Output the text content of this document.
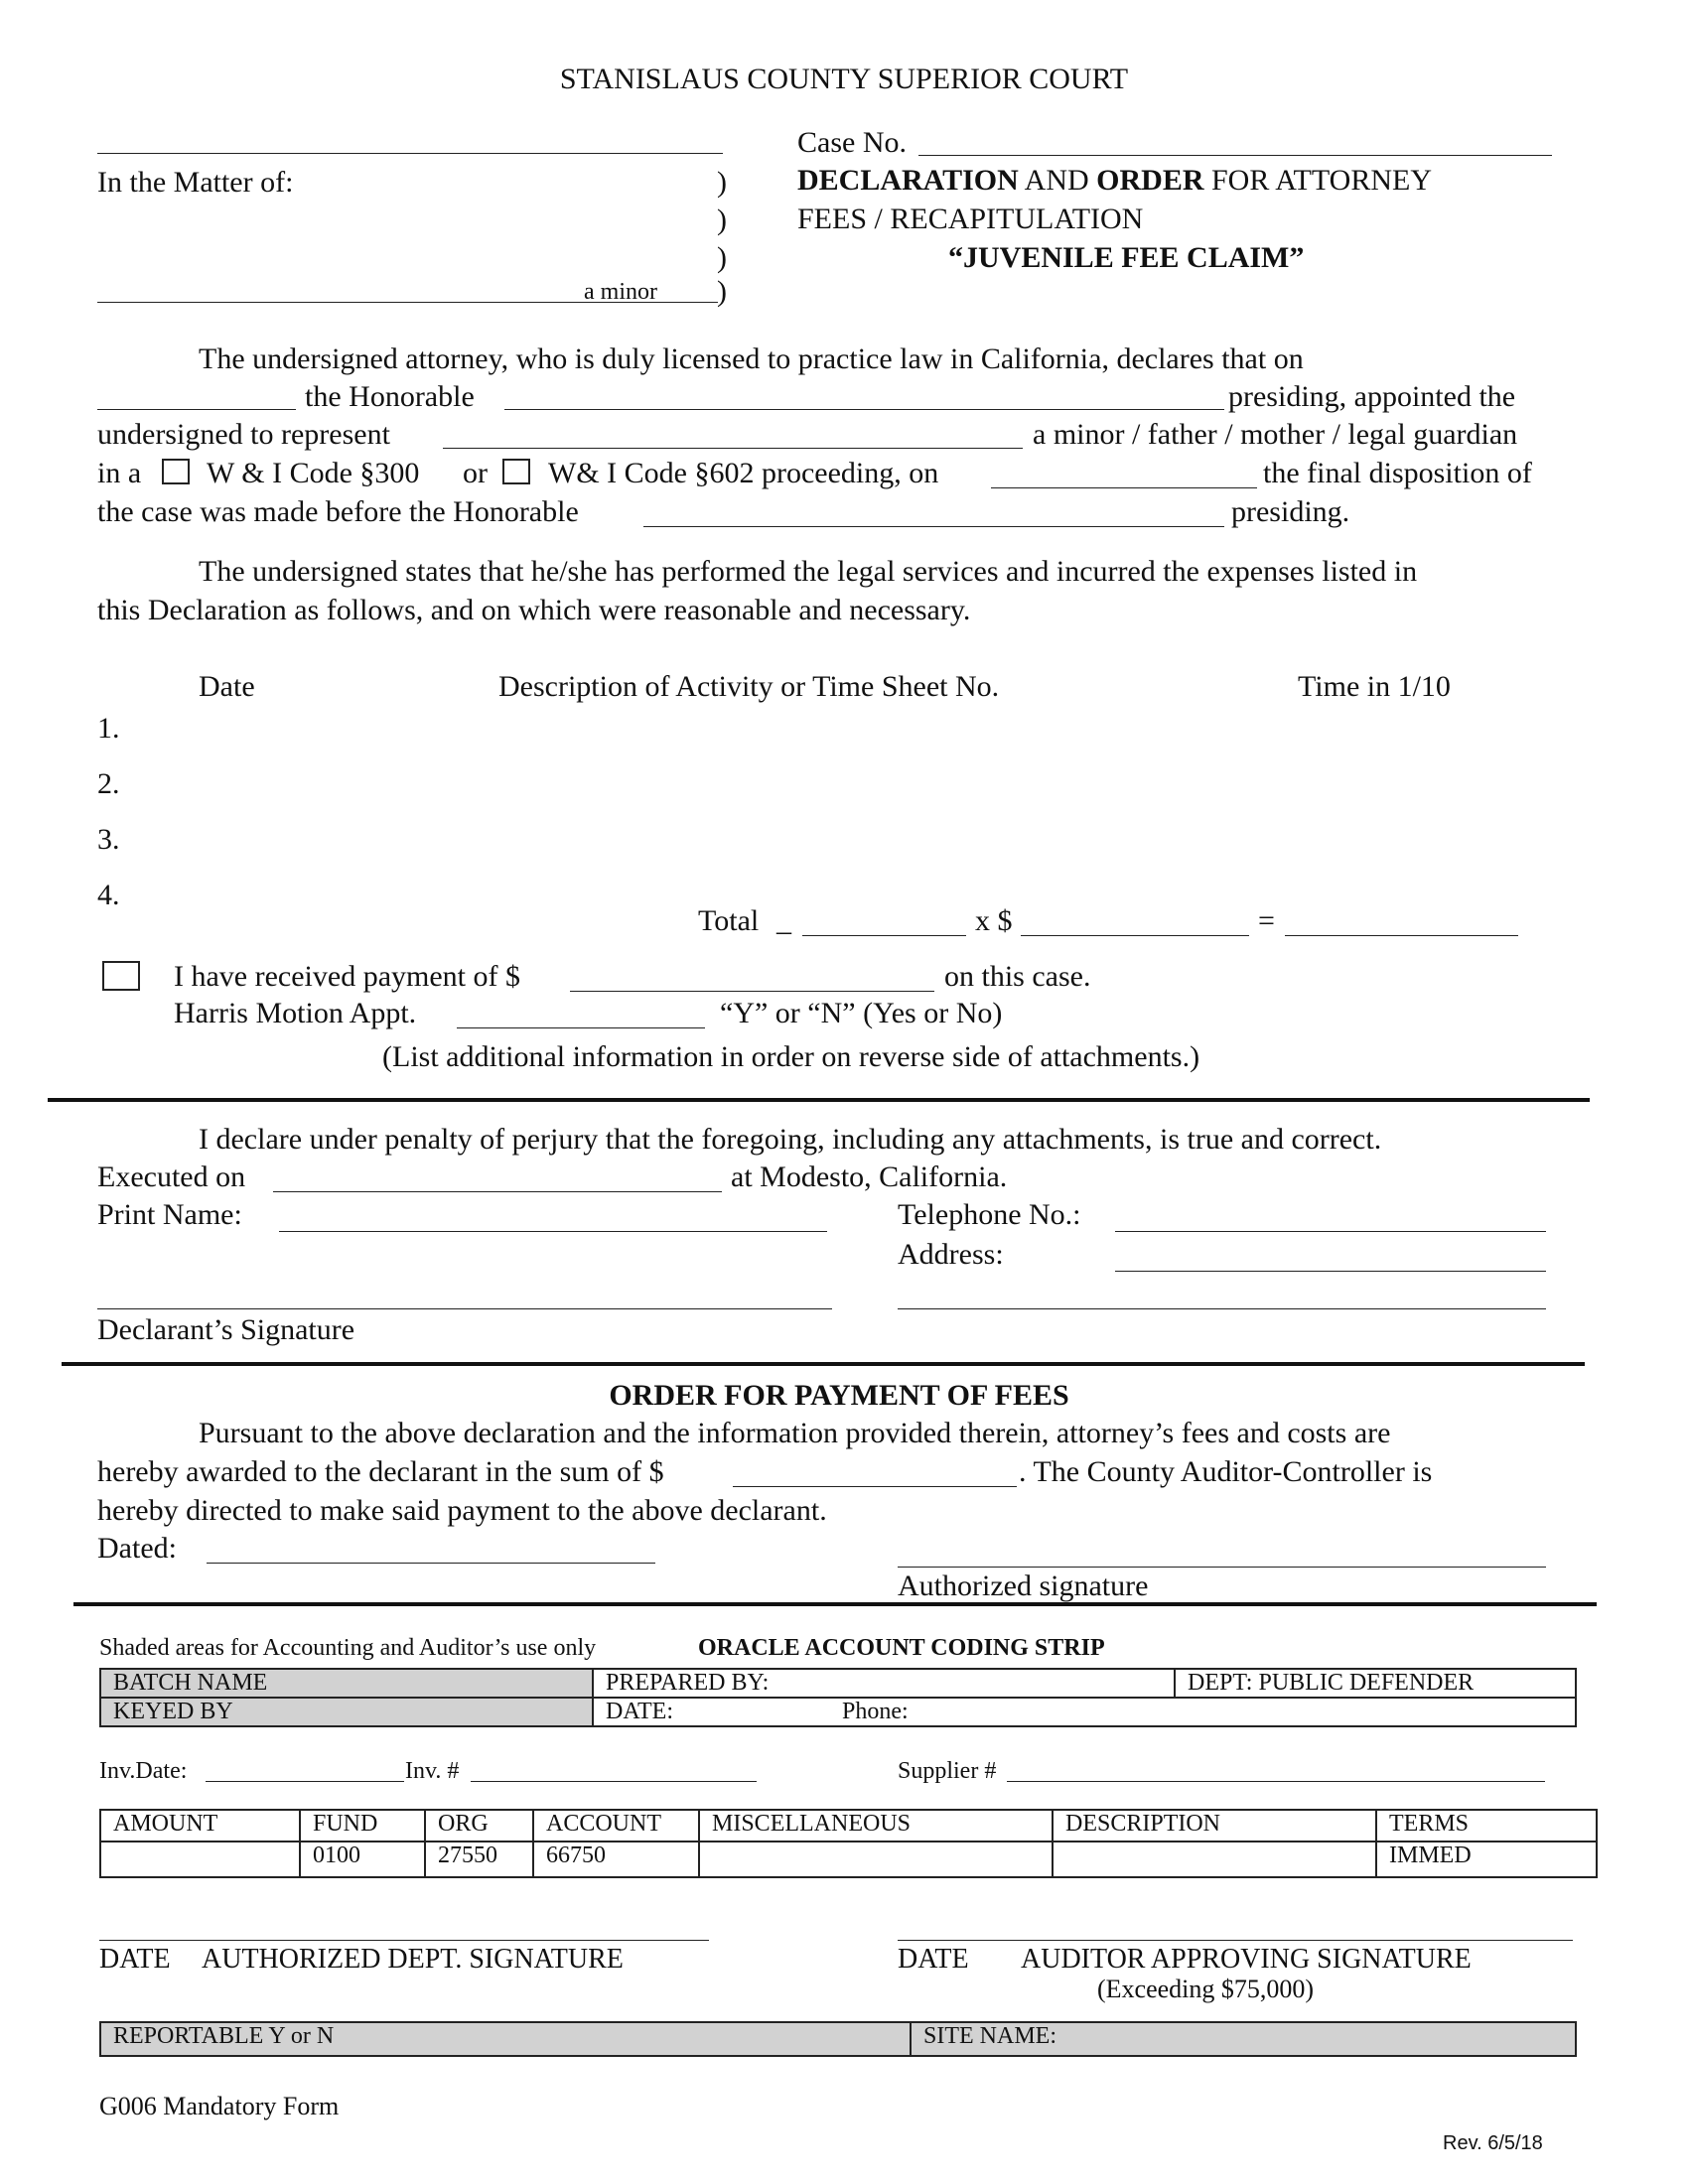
STANISLAUS COUNTY SUPERIOR COURT
In the Matter of:	)
)
)
a minor )
Case No.
DECLARATION AND ORDER FOR ATTORNEY
FEES / RECAPITULATION
“JUVENILE FEE CLAIM”
The undersigned attorney, who is duly licensed to practice law in California, declares that on
the Honorable	presiding, appointed the
undersigned to represent	a minor / father / mother / legal guardian
in a W & I Code §300 or W& I Code §602 proceeding, on	the final disposition of
the case was made before the Honorable	presiding.
The undersigned states that he/she has performed the legal services and incurred the expenses listed in
this Declaration as follows, and on which were reasonable and necessary.
Date	Description of Activity or Time Sheet No.	Time in 1/10
1.
2.
3.
4.
Total _	x $	=
I have received payment of $	on this case.
Harris Motion Appt.	“Y” or “N” (Yes or No)
(List additional information in order on reverse side of attachments.)
I declare under penalty of perjury that the foregoing, including any attachments, is true and correct.
Executed on	at Modesto, California.
Print Name:	Telephone No.:
Address:
Declarant’s Signature
ORDER FOR PAYMENT OF FEES
Pursuant to the above declaration and the information provided therein, attorney’s fees and costs are
hereby awarded to the declarant in the sum of $	. The County Auditor-Controller is
hereby directed to make said payment to the above declarant.
Dated:
Authorized signature
Shaded areas for Accounting and Auditor’s use only	ORACLE ACCOUNT CODING STRIP
BATCH NAME	PREPARED BY:	DEPT: PUBLIC DEFENDER
KEYED BY	DATE: Phone:	
Inv.Date:	Inv. #	Supplier #
AMOUNT	FUND	ORG	ACCOUNT	MISCELLANEOUS	DESCRIPTION	TERMS
	0100	27550	66750			IMMED
DATE AUTHORIZED DEPT. SIGNATURE	DATE AUDITOR APPROVING SIGNATURE
(Exceeding $75,000)
REPORTABLE Y or N	SITE NAME:
G006 Mandatory Form
Rev. 6/5/18
